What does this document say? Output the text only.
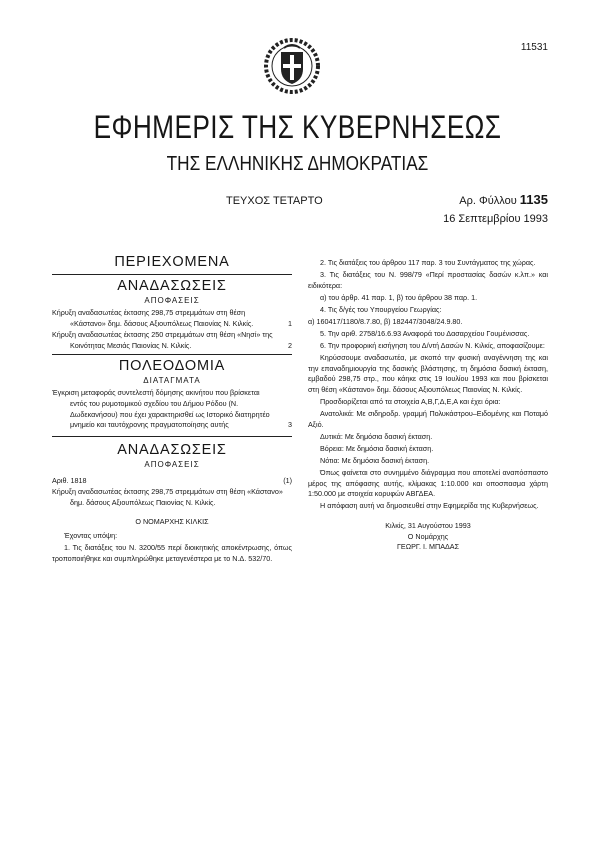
11531
ΕΦΗΜΕΡΙΣ ΤΗΣ ΚΥΒΕΡΝΗΣΕΩΣ
ΤΗΣ ΕΛΛΗΝΙΚΗΣ ΔΗΜΟΚΡΑΤΙΑΣ
ΤΕΥΧΟΣ ΤΕΤΑΡΤΟ	Αρ. Φύλλου 1135
16 Σεπτεμβρίου 1993
ΠΕΡΙΕΧΟΜΕΝΑ
ΑΝΑΔΑΣΩΣΕΙΣ
ΑΠΟΦΑΣΕΙΣ
Κήρυξη αναδασωτέας έκτασης 298,75 στρεμμάτων στη θέση «Κάστανο» δημ. δάσους Αξιουπόλεως Παιονίας Ν. Κιλκίς.	1
Κήρυξη αναδασωτέας έκτασης 250 στρεμμάτων στη θέση «Νησί» της Κοινότητας Μεσιάς Παιονίας Ν. Κιλκίς.	2
ΠΟΛΕΟΔΟΜΙΑ
ΔΙΑΤΑΓΜΑΤΑ
Έγκριση μεταφοράς συντελεστή δόμησης ακινήτου που βρίσκεται εντός του ρυμοτομικού σχεδίου του Δήμου Ρόδου (Ν. Δωδεκανήσου) που έχει χαρακτηρισθεί ως Ιστορικό διατηρητέο μνημείο και ταυτόχρονης πραγματοποίησης αυτής	3
ΑΝΑΔΑΣΩΣΕΙΣ
ΑΠΟΦΑΣΕΙΣ
Αριθ. 1818	(1)
Κήρυξη αναδασωτέας έκτασης 298,75 στρεμμάτων στη θέση «Κάστανο» δημ. δάσους Αξιουπόλεως Παιονίας Ν. Κιλκίς.
Ο ΝΟΜΑΡΧΗΣ ΚΙΛΚΙΣ
Έχοντας υπόψη:
1. Τις διατάξεις του Ν. 3200/55 περί διοικητικής αποκέντρωσης, όπως τροποποιήθηκε και συμπληρώθηκε μεταγενέστερα με το Ν.Δ. 532/70.
2. Τις διατάξεις του άρθρου 117 παρ. 3 του Συντάγματος της χώρας.
3. Τις διατάξεις του Ν. 998/79 «Περί προστασίας δασών κ.λπ.» και ειδικότερα:
α) του άρθρ. 41 παρ. 1, β) του άρθρου 38 παρ. 1.
4. Τις δ/γές του Υπουργείου Γεωργίας:
α) 160417/1180/8.7.80, β) 182447/3048/24.9.80.
5. Την αριθ. 2758/16.6.93 Αναφορά του Δασαρχείου Γουμένισσας.
6. Την προφορική εισήγηση του Δ/ντή Δασών Ν. Κιλκίς, αποφασίζουμε:
Κηρύσσουμε αναδασωτέα, με σκοπό την φυσική αναγέννηση της και την επαναδημιουργία της δασικής βλάστησης, τη δημόσια δασική έκταση, εμβαδού 298,75 στρ., που κάηκε στις 19 Ιουλίου 1993 και που βρίσκεται στη θέση «Κάστανο» δημ. δάσους Αξιουπόλεως Παιονίας Ν. Κιλκίς.
Προσδιορίζεται από τα στοιχεία Α,Β,Γ,Δ,Ε,Α και έχει όρια:
Ανατολικά: Με σιδηροδρ. γραμμή Πολυκάστρου–Ειδομένης και Ποταμό Αξιό.
Δυτικά: Με δημόσια δασική έκταση.
Βόρεια: Με δημόσια δασική έκταση.
Νότια: Με δημόσια δασική έκταση.
Όπως φαίνεται στο συνημμένο διάγραμμα που αποτελεί αναπόσπαστο μέρος της απόφασης αυτής, κλίμακας 1:10.000 και οποσπασμα χάρτη 1:50.000 με στοιχεία κορυφών ΑΒΓΔΕΑ.
Η απόφαση αυτή να δημοσιευθεί στην Εφημερίδα της Κυβερνήσεως.
Κιλκίς, 31 Αυγούστου 1993
Ο Νομάρχης
ΓΕΩΡΓ. Ι. ΜΠΑΔΑΣ
